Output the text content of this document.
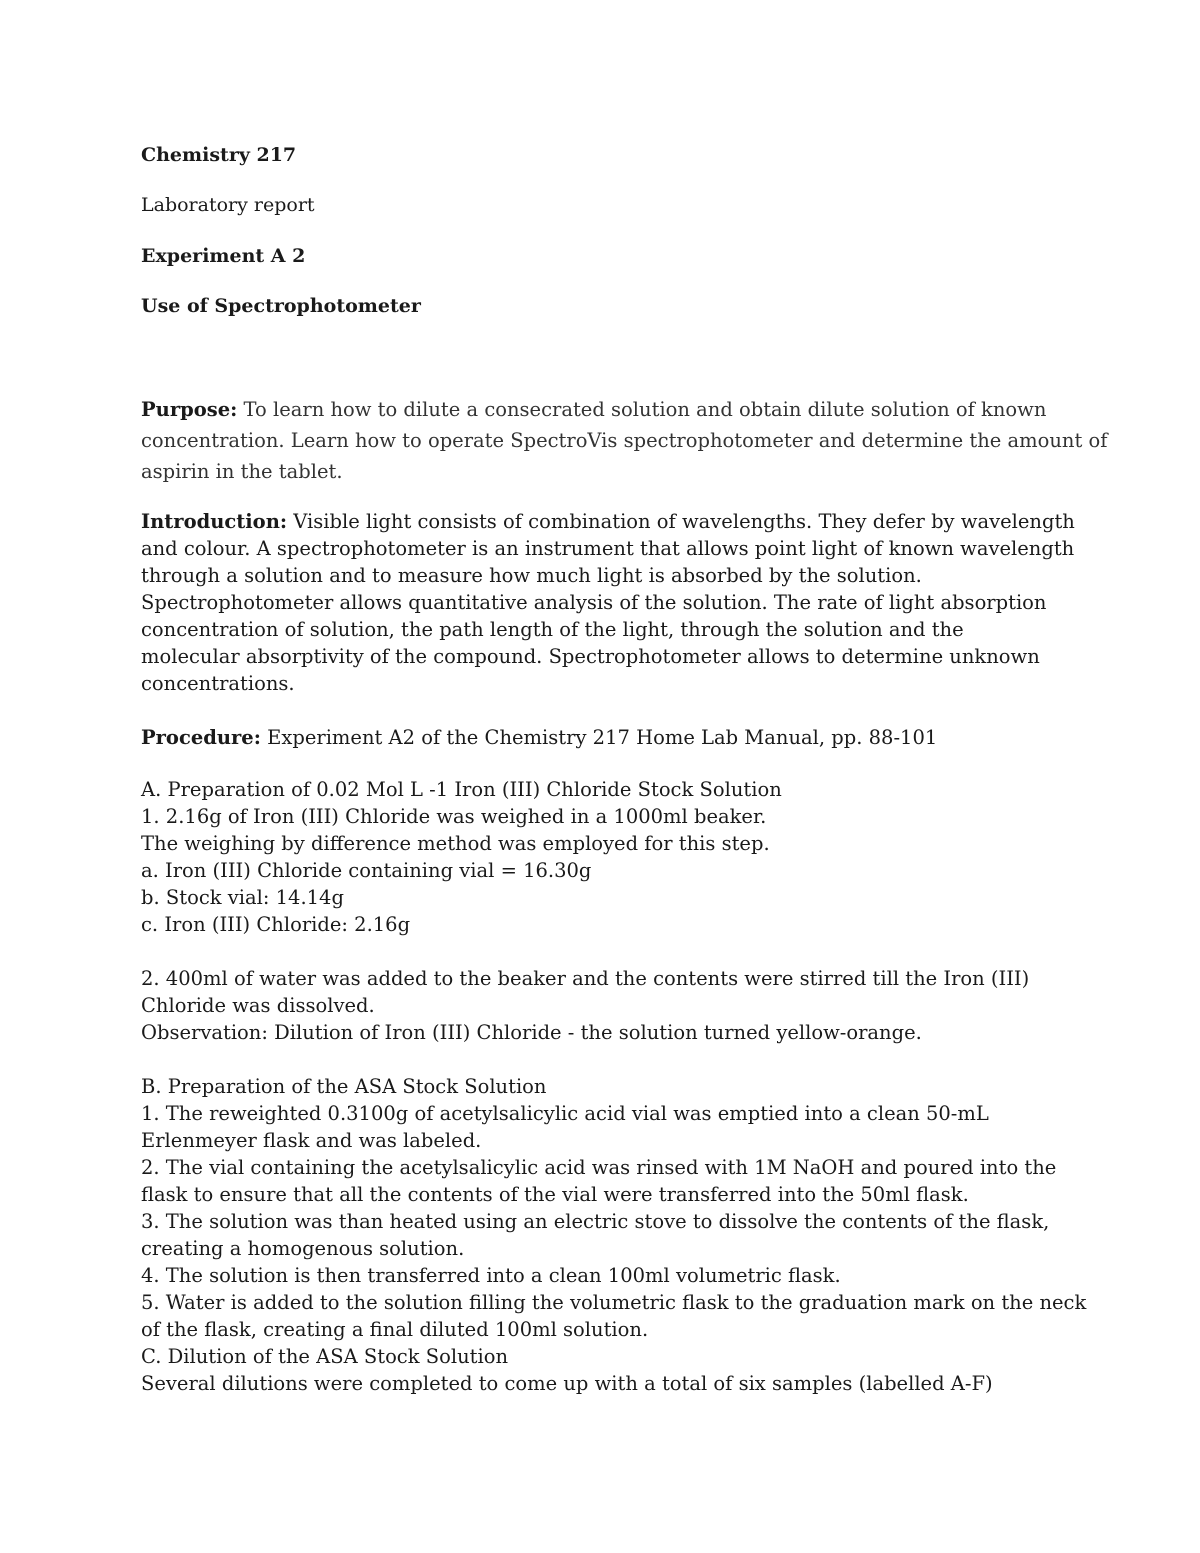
Chemistry 217

Laboratory report

Experiment A 2

Use of Spectrophotometer

Purpose: To learn how to dilute a consecrated solution and obtain dilute solution of known
concentration. Learn how to operate SpectroVis spectrophotometer and determine the amount of
aspirin in the tablet.
Introduction: Visible light consists of combination of wavelengths. They defer by wavelength
and colour. A spectrophotometer is an instrument that allows point light of known wavelength
through a solution and to measure how much light is absorbed by the solution.
Spectrophotometer allows quantitative analysis of the solution. The rate of light absorption
concentration of solution, the path length of the light, through the solution and the
molecular absorptivity of the compound. Spectrophotometer allows to determine unknown
concentrations.
Procedure: Experiment A2 of the Chemistry 217 Home Lab Manual, pp. 88-101
A. Preparation of 0.02 Mol L -1 Iron (III) Chloride Stock Solution
1. 2.16g of Iron (III) Chloride was weighed in a 1000ml beaker.
The weighing by difference method was employed for this step.
a. Iron (III) Chloride containing vial = 16.30g
b. Stock vial: 14.14g
c. Iron (III) Chloride: 2.16g
2. 400ml of water was added to the beaker and the contents were stirred till the Iron (III)
Chloride was dissolved.
Observation: Dilution of Iron (III) Chloride - the solution turned yellow-orange.
B. Preparation of the ASA Stock Solution
1. The reweighted 0.3100g of acetylsalicylic acid vial was emptied into a clean 50-mL
Erlenmeyer flask and was labeled.
2. The vial containing the acetylsalicylic acid was rinsed with 1M NaOH and poured into the
flask to ensure that all the contents of the vial were transferred into the 50ml flask.
3. The solution was than heated using an electric stove to dissolve the contents of the flask,
creating a homogenous solution.
4. The solution is then transferred into a clean 100ml volumetric flask.
5. Water is added to the solution filling the volumetric flask to the graduation mark on the neck
of the flask, creating a final diluted 100ml solution.
C. Dilution of the ASA Stock Solution
Several dilutions were completed to come up with a total of six samples (labelled A-F)
